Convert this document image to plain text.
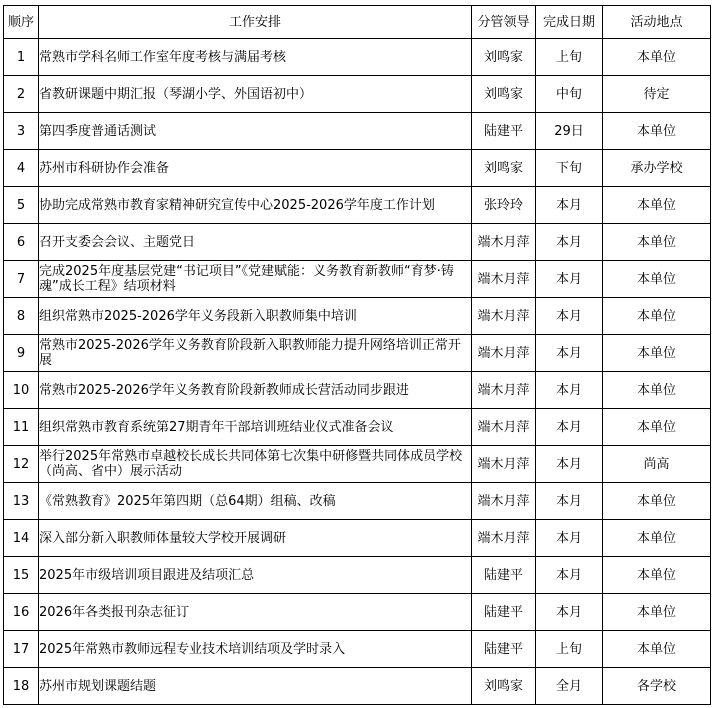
顺序	工作安排	分管领导	完成日期	活动地点
1	常熟市学科名师工作室年度考核与满届考核	刘鸣家	上旬	本单位
2	省教研课题中期汇报（琴湖小学、外国语初中）	刘鸣家	中旬	待定
3	第四季度普通话测试	陆建平	29日	本单位
4	苏州市科研协作会准备	刘鸣家	下旬	承办学校
5	协助完成常熟市教育家精神研究宣传中心2025-2026学年度工作计划	张玲玲	本月	本单位
6	召开支委会会议、主题党日	端木月萍	本月	本单位
7	完成2025年度基层党建“书记项目”《党建赋能：义务教育新教师“育梦·铸魂”成长工程》结项材料	端木月萍	本月	本单位
8	组织常熟市2025-2026学年义务段新入职教师集中培训	端木月萍	本月	本单位
9	常熟市2025-2026学年义务教育阶段新入职教师能力提升网络培训正常开展	端木月萍	本月	本单位
10	常熟市2025-2026学年义务教育阶段新教师成长营活动同步跟进	端木月萍	本月	本单位
11	组织常熟市教育系统第27期青年干部培训班结业仪式准备会议	端木月萍	本月	本单位
12	举行2025年常熟市卓越校长成长共同体第七次集中研修暨共同体成员学校（尚高、省中）展示活动	端木月萍	本月	尚高
13	《常熟教育》2025年第四期（总64期）组稿、改稿	端木月萍	本月	本单位
14	深入部分新入职教师体量较大学校开展调研	端木月萍	本月	本单位
15	2025年市级培训项目跟进及结项汇总	陆建平	本月	本单位
16	2026年各类报刊杂志征订	陆建平	本月	本单位
17	2025年常熟市教师远程专业技术培训结项及学时录入	陆建平	上旬	本单位
18	苏州市规划课题结题	刘鸣家	全月	各学校
